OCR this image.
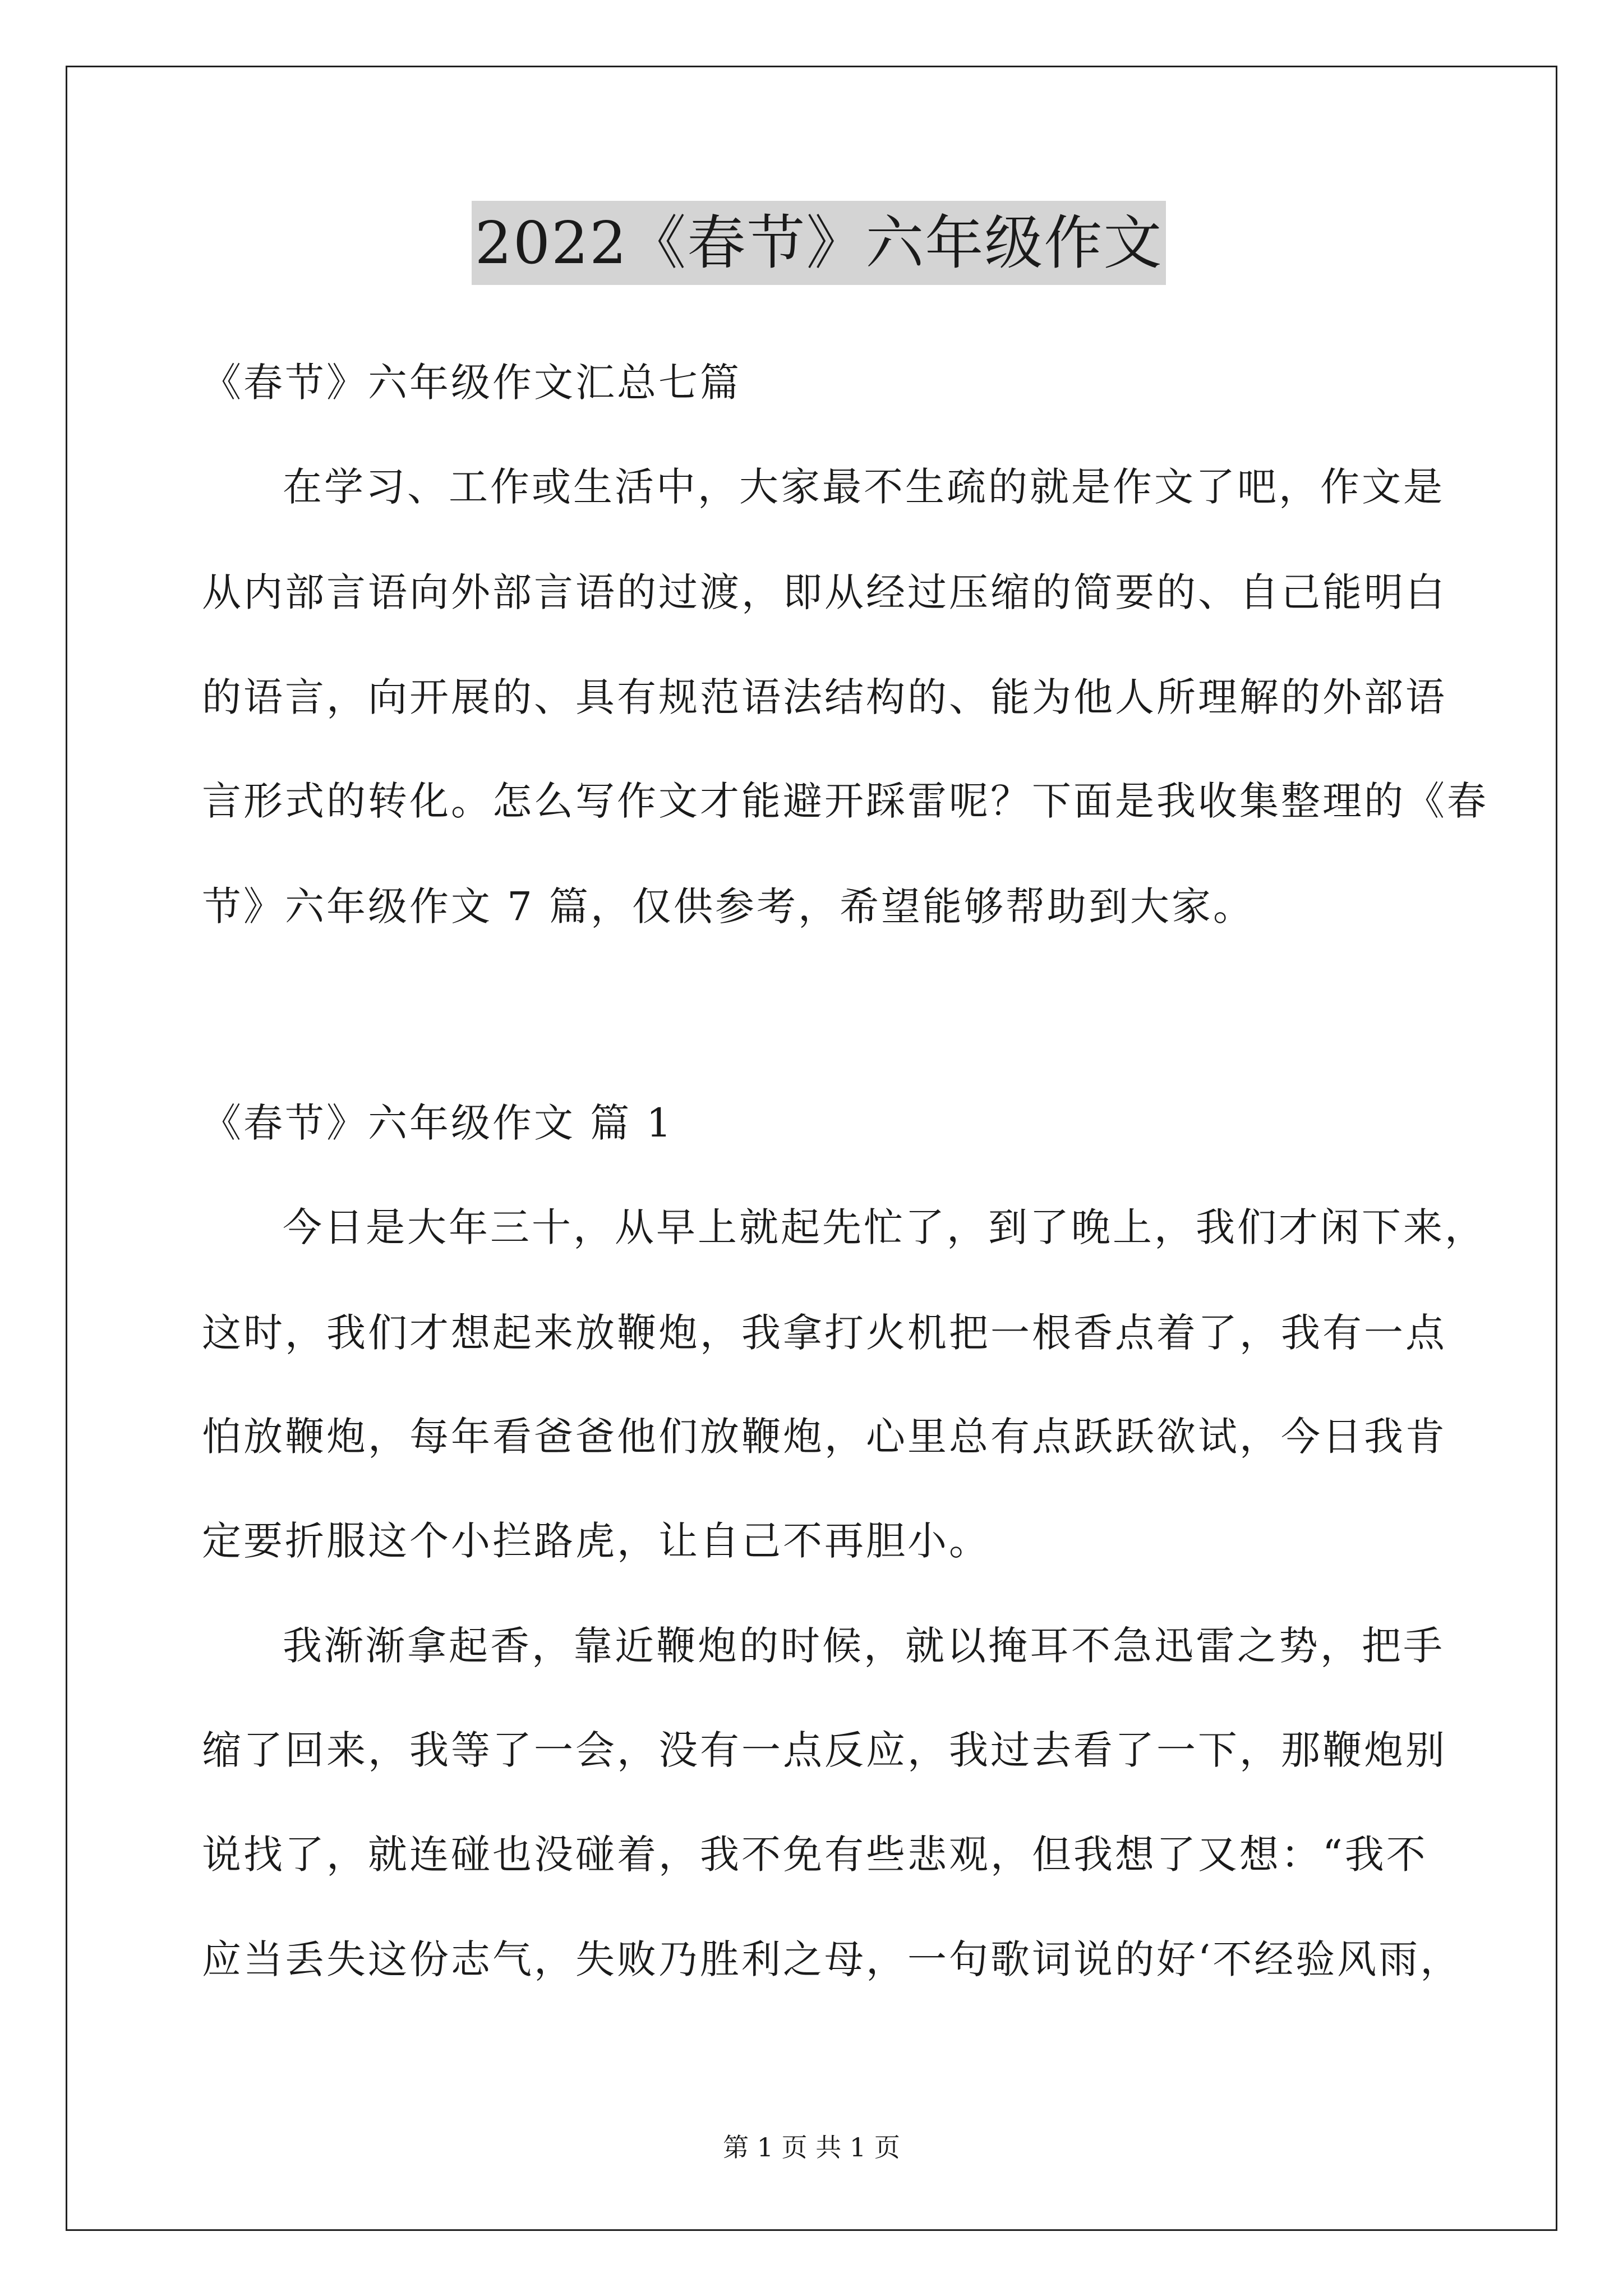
2022《春节》六年级作文
《春节》六年级作文汇总七篇
在学习、工作或生活中，大家最不生疏的就是作文了吧，作文是
从内部言语向外部言语的过渡，即从经过压缩的简要的、自己能明白
的语言，向开展的、具有规范语法结构的、能为他人所理解的外部语
言形式的转化。怎么写作文才能避开踩雷呢？下面是我收集整理的《春
节》六年级作文 7 篇，仅供参考，希望能够帮助到大家。
《春节》六年级作文 篇 1
今日是大年三十，从早上就起先忙了，到了晚上，我们才闲下来，
这时，我们才想起来放鞭炮，我拿打火机把一根香点着了，我有一点
怕放鞭炮，每年看爸爸他们放鞭炮，心里总有点跃跃欲试，今日我肯
定要折服这个小拦路虎，让自己不再胆小。
我渐渐拿起香，靠近鞭炮的时候，就以掩耳不急迅雷之势，把手
缩了回来，我等了一会，没有一点反应，我过去看了一下，那鞭炮别
说找了，就连碰也没碰着，我不免有些悲观，但我想了又想：“我不
应当丢失这份志气，失败乃胜利之母，一句歌词说的好‘不经验风雨，
第 1 页 共 1 页
